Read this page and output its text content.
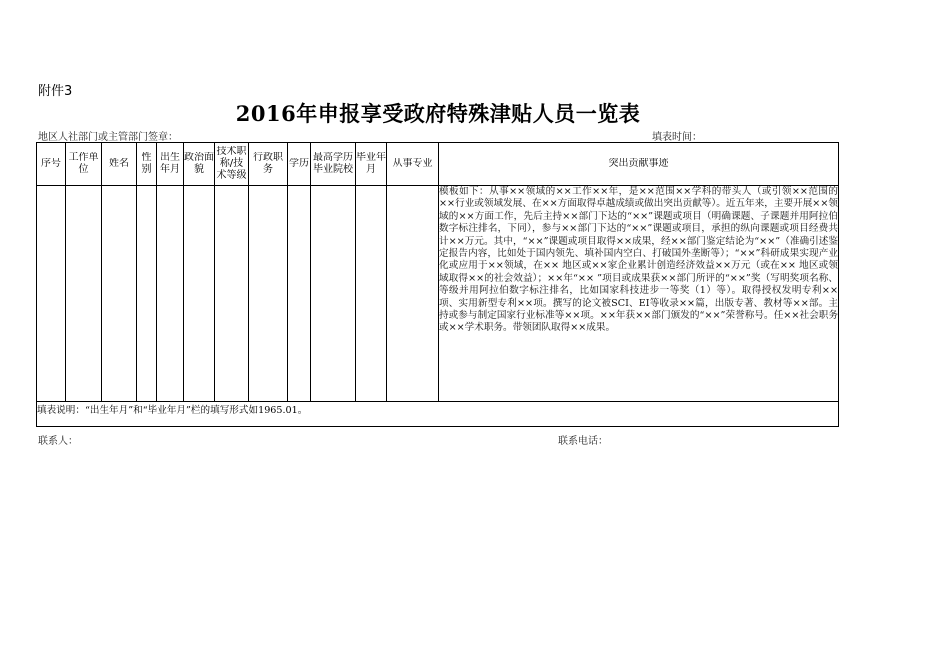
附件3
2016年申报享受政府特殊津贴人员一览表
地区人社部门或主管部门签章：	填表时间：
序号	工作单位	姓名	性别	出生年月	政治面貌	技术职称/技术等级	行政职务	学历	最高学历毕业院校	毕业年月	从事专业	突出贡献事迹

												模板如下：从事××领域的××工作××年，是××范围××学科的带头人（或引领××范围的××行业或领域发展、在××方面取得卓越成绩或做出突出贡献等）。近五年来，主要开展××领域的××方面工作，先后主持××部门下达的“××”课题或项目（明确课题、子课题并用阿拉伯数字标注排名，下同），参与××部门下达的“××”课题或项目，承担的纵向课题或项目经费共计××万元。其中，“××”课题或项目取得××成果，经××部门鉴定结论为“××”（准确引述鉴定报告内容，比如处于国内领先、填补国内空白、打破国外垄断等）；“××”科研成果实现产业化或应用于××领域，在×× 地区或××家企业累计创造经济效益××万元（或在×× 地区或领域取得××的社会效益）；××年“×× ”项目或成果获××部门所评的“××”奖（写明奖项名称、等级并用阿拉伯数字标注排名，比如国家科技进步一等奖（1）等）。取得授权发明专利××项、实用新型专利××项。撰写的论文被SCI、EI等收录××篇，出版专著、教材等××部。主持或参与制定国家行业标准等××项。××年获××部门颁发的“××”荣誉称号。任××社会职务或××学术职务。带领团队取得××成果。
填表说明：“出生年月”和“毕业年月”栏的填写形式如1965.01。												
联系人：	联系电话：
